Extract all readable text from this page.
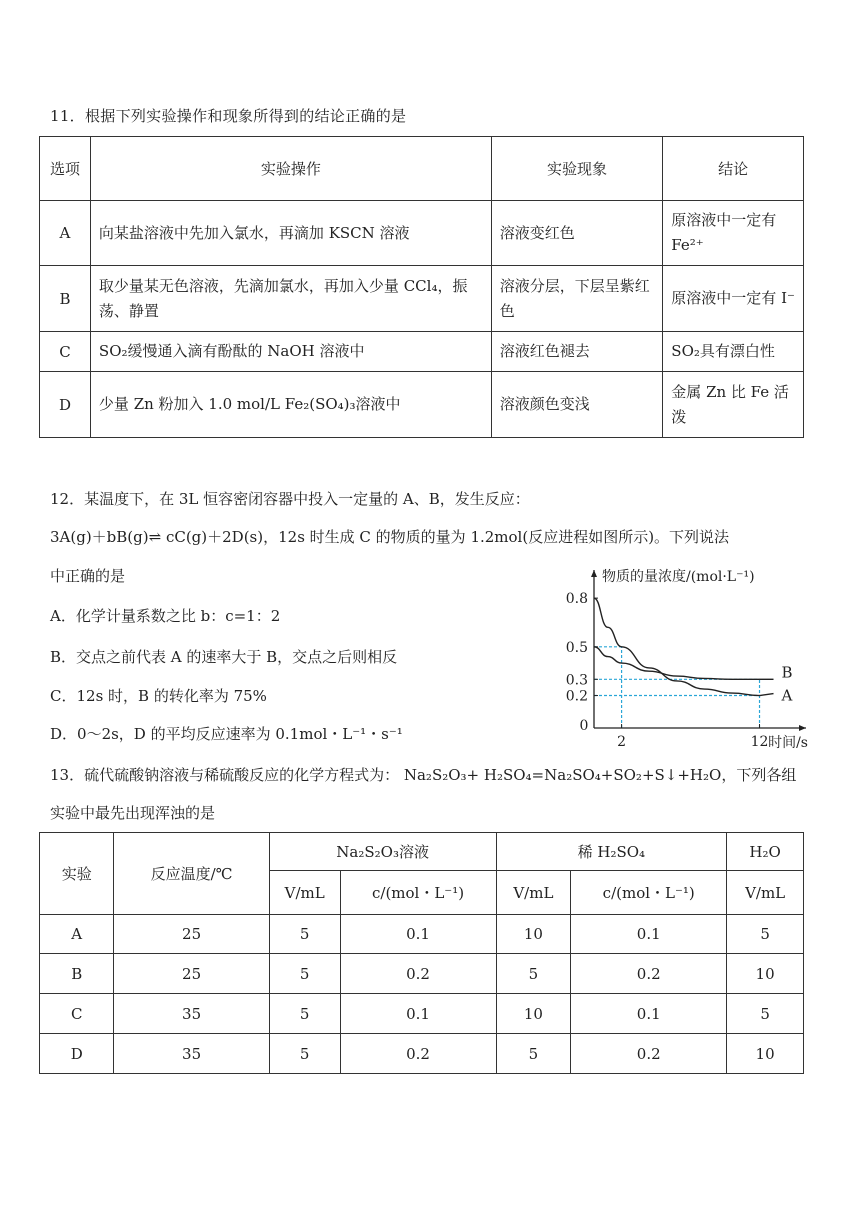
11．根据下列实验操作和现象所得到的结论正确的是
选项	实验操作	实验现象	结论
A	向某盐溶液中先加入氯水，再滴加 KSCN 溶液	溶液变红色	原溶液中一定有 Fe²⁺
B	取少量某无色溶液，先滴加氯水，再加入少量 CCl₄，振荡、静置	溶液分层，下层呈紫红色	原溶液中一定有 I⁻
C	SO₂缓慢通入滴有酚酞的 NaOH 溶液中	溶液红色褪去	SO₂具有漂白性
D	少量 Zn 粉加入 1.0 mol/L Fe₂(SO₄)₃溶液中	溶液颜色变浅	金属 Zn 比 Fe 活泼
12．某温度下，在 3L 恒容密闭容器中投入一定量的 A、B，发生反应：
3A(g)＋bB(g)⇌ cC(g)＋2D(s)，12s 时生成 C 的物质的量为 1.2mol(反应进程如图所示)。下列说法
中正确的是
A．化学计量系数之比 b：c=1：2
B．交点之前代表 A 的速率大于 B，交点之后则相反
C．12s 时，B 的转化率为 75%
D．0～2s，D 的平均反应速率为 0.1mol・L⁻¹・s⁻¹
0.8
0.5
0.3
0.2
0
2	12
物质的量浓度/(mol·L⁻¹)
时间/s
A
B
13．硫代硫酸钠溶液与稀硫酸反应的化学方程式为： Na₂S₂O₃+ H₂SO₄=Na₂SO₄+SO₂+S↓+H₂O，下列各组
实验中最先出现浑浊的是
实验	反应温度/℃	Na₂S₂O₃溶液		稀 H₂SO₄		H₂O
		V/mL	c/(mol・L⁻¹)	V/mL	c/(mol・L⁻¹)	V/mL
A	25	5	0.1	10	0.1	5
B	25	5	0.2	5	0.2	10
C	35	5	0.1	10	0.1	5
D	35	5	0.2	5	0.2	10
